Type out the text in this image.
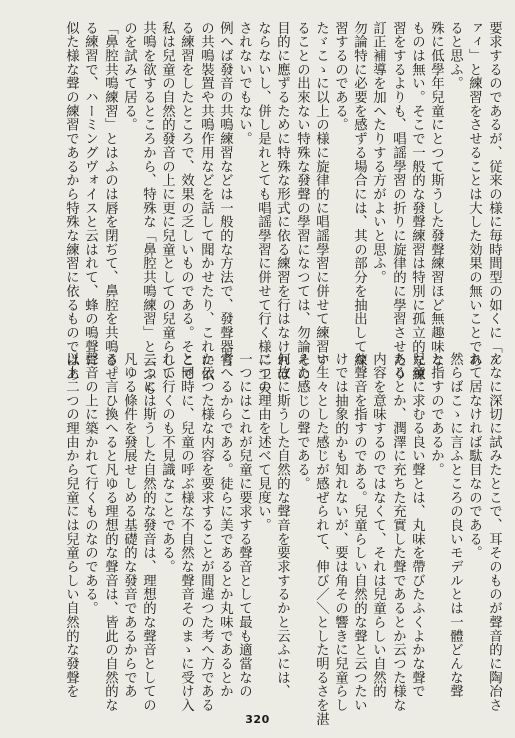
要求するのであるが、従来の様に毎時間型の如くに「ア
ァィ」と練習をさせることは大した効果の無いことであ
ると思ふ。
殊に低學年兒童にとつて斯うした發聲練習ほど無趣味な
ものは無い。そこで一般的な發聲練習は特別に孤立的な練
習をするよりも、唱謡學習の折りに旋律的に學習させたり
訂正補導を加へたりする方がよいと思ふ。
勿論特に必要を感ずる場合には、其の部分を抽出して練
習するのである。
たゞこゝに以上の様に旋律的に唱謡學習に併せて練習す
ることの出來ない特殊な發聲の學習になつては、勿論その
目的に應ずるために特殊な形式に依る練習を行はなければ
ならないし、併し是れとても唱謡學習に併せて行く様に工夫
されないでもない。
例へば發音の共鳴練習などは一般的な方法で、發聲器官
の共鳴裝置や共鳴作用などを話して聞かせたり、これに依
る練習をしたところで、效果の乏しいものである。そこで
私は兒童の自然的發音の上に更に兒童としての兒童らしい
共鳴を欲するところから、特殊な「鼻腔共鳴練習」と云ふも
のを試みて居る。
「鼻腔共鳴練習」とはふのは唇を閉ぢて、鼻腔を共鳴させ
る練習で、ハーミングヴォイスと云はれて、蜂の鳴聲に
似た様な聲の練習であるから特殊な練習に依るものではあ
んなに深切に試みたとこで、耳そのものが聲音的に陶冶さ
れて居なければ駄目なのである。
然らばこゝに言ふところの良いモデルとは一體どんな聲
と指すのであるか。
兒童に求むる良い聲とは、丸味を帶びたふくよかな聲で
あるとか、潤澤に充ちた充實した聲であるとか云つた様な
内容を意味するのではなくて、それは兒童らしい自然的
な聲音を指すのである。兒童らしい自然的な聲と云つたい
けでは抽象的かも知れないが、要は角その響きに兒童らし
い生々とした感じが感ぜられて、伸び／＼とした明るさを湛
えた感じの聲である。
何故に斯うした自然的な聲音を要求するかと云ふには、
二つの理由を述べて見度い。
一つにはこれが兒童に要求する聲音として最も適當なの
考へるからである。徒らに美であるとか丸味であるとか
か云つた様な内容を要求することが間違つた考へ方である
と同時に、兒童の呼ぶ様な不自然な聲音そのまゝに受け入
れて行くのも不見識なことである。
二つには斯うした自然的な發音は、理想的な聲音としての
凡ゆる條件を發展せしめる基礎的な發音であるからであ
る。言ひ換へると凡ゆる理想的な聲音は、皆此の自然的な
聲音の上に築かれて行くものなのである。
以上二つの理由から兒童には兒童らしい自然的な發聲を
320
